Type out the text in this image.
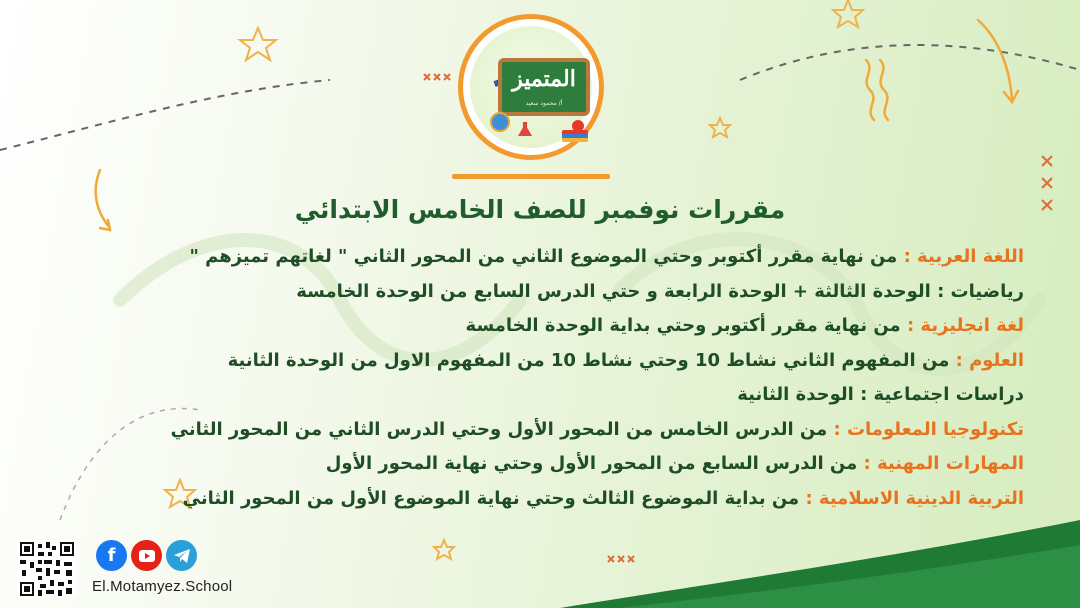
المتميز
أ/ محمود سعيد
مقررات نوفمبر للصف الخامس الابتدائي
اللغة العربية : من نهاية مقرر أكتوبر وحتي الموضوع الثاني من المحور الثاني " لغاتهم تميزهم "
رياضيات : الوحدة الثالثة + الوحدة الرابعة و حتي الدرس السابع من الوحدة الخامسة
لغة انجليزية : من نهاية مقرر أكتوبر وحتي بداية الوحدة الخامسة
العلوم : من المفهوم الثاني نشاط 10 وحتي نشاط 10 من المفهوم الاول من الوحدة الثانية
دراسات اجتماعية : الوحدة الثانية
تكنولوجيا المعلومات : من الدرس الخامس من المحور الأول وحتي الدرس الثاني من المحور الثاني
المهارات المهنية : من الدرس السابع من المحور الأول وحتي نهاية المحور الأول
التربية الدينية الاسلامية : من بداية الموضوع الثالث وحتي نهاية الموضوع الأول من المحور الثاني
f
El.Motamyez.School
